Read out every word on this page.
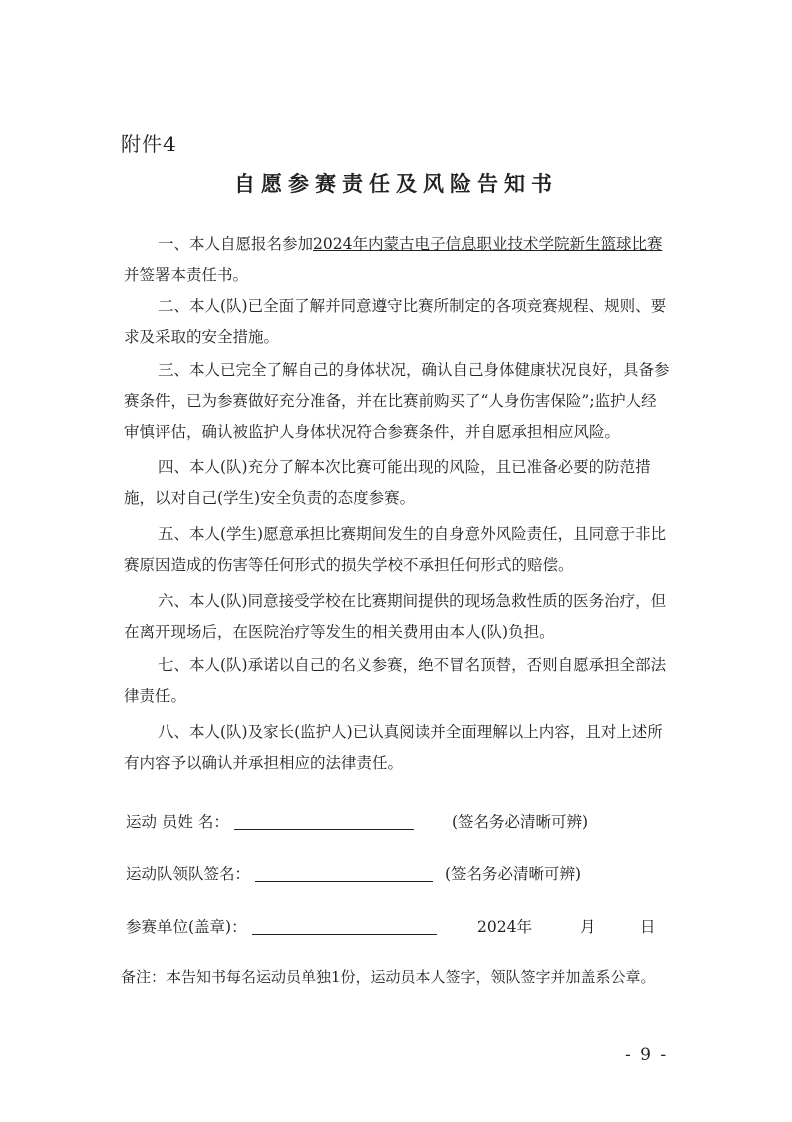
附件4
自愿参赛责任及风险告知书

一、本人自愿报名参加2024年内蒙古电子信息职业技术学院新生篮球比赛并签署本责任书。

二、本人(队)已全面了解并同意遵守比赛所制定的各项竞赛规程、规则、要求及采取的安全措施。

三、本人已完全了解自己的身体状况，确认自己身体健康状况良好，具备参赛条件，已为参赛做好充分准备，并在比赛前购买了“人身伤害保险”;监护人经审慎评估，确认被监护人身体状况符合参赛条件，并自愿承担相应风险。

四、本人(队)充分了解本次比赛可能出现的风险，且已准备必要的防范措施，以对自己(学生)安全负责的态度参赛。

五、本人(学生)愿意承担比赛期间发生的自身意外风险责任，且同意于非比赛原因造成的伤害等任何形式的损失学校不承担任何形式的赔偿。

六、本人(队)同意接受学校在比赛期间提供的现场急救性质的医务治疗，但在离开现场后，在医院治疗等发生的相关费用由本人(队)负担。

七、本人(队)承诺以自己的名义参赛，绝不冒名顶替，否则自愿承担全部法律责任。

八、本人(队)及家长(监护人)已认真阅读并全面理解以上内容，且对上述所有内容予以确认并承担相应的法律责任。

运动 员姓 名：	(签名务必清晰可辨)
运动队领队签名：	(签名务必清晰可辨)
参赛单位(盖章)：	2024年	月	日
备注：本告知书每名运动员单独1份，运动员本人签字，领队签字并加盖系公章。
- 9 -
